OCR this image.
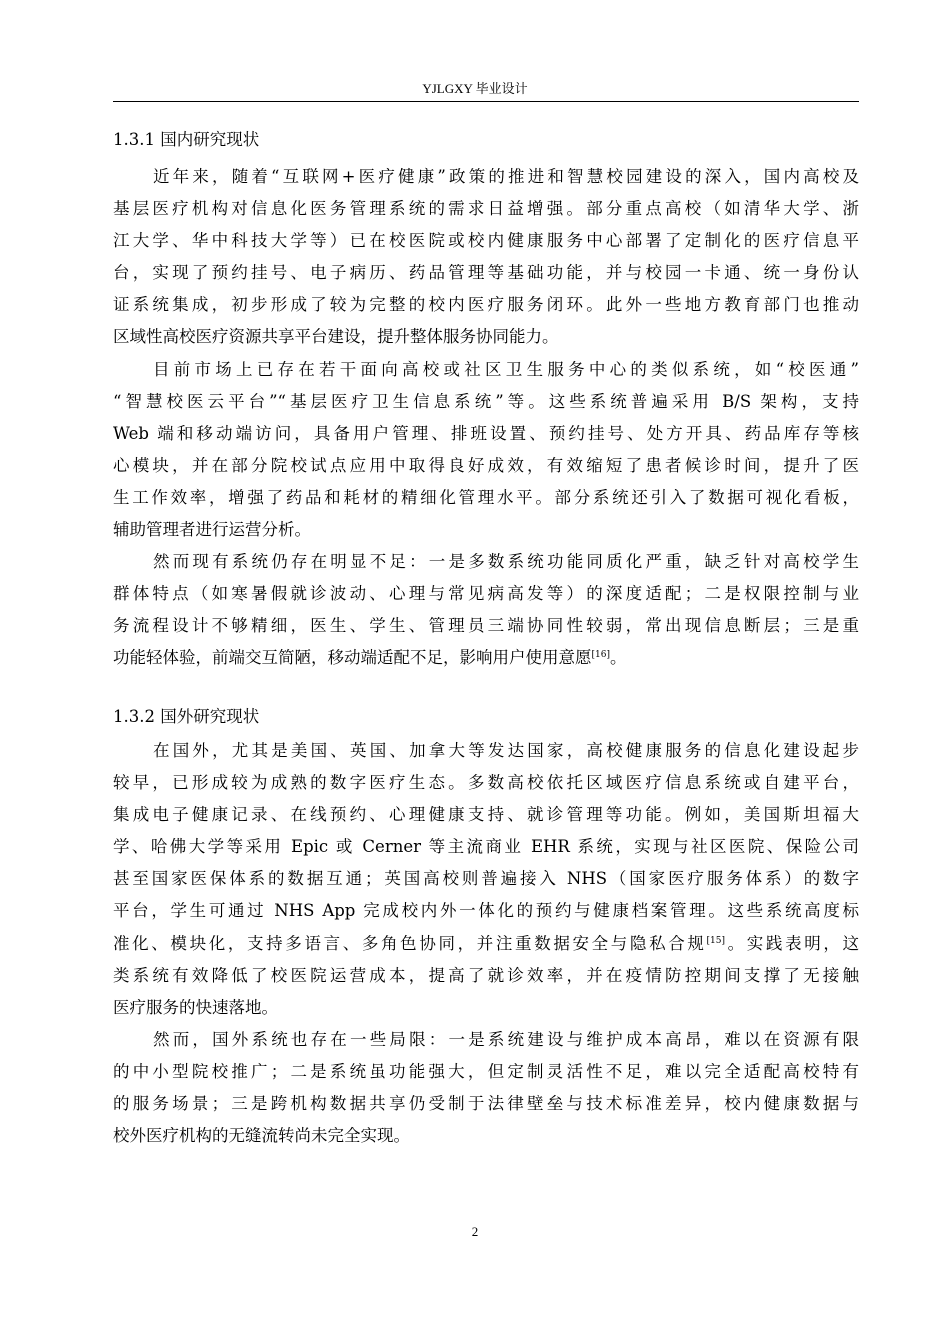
YJLGXY 毕业设计
1.3.1 国内研究现状

近年来，随着“互联网+医疗健康”政策的推进和智慧校园建设的深入，国内高校及
基层医疗机构对信息化医务管理系统的需求日益增强。部分重点高校（如清华大学、浙
江大学、华中科技大学等）已在校医院或校内健康服务中心部署了定制化的医疗信息平
台，实现了预约挂号、电子病历、药品管理等基础功能，并与校园一卡通、统一身份认
证系统集成，初步形成了较为完整的校内医疗服务闭环。此外一些地方教育部门也推动
区域性高校医疗资源共享平台建设，提升整体服务协同能力。

目前市场上已存在若干面向高校或社区卫生服务中心的类似系统，如“校医通”
“智慧校医云平台”“基层医疗卫生信息系统”等。这些系统普遍采用 B/S 架构，支持
Web 端和移动端访问，具备用户管理、排班设置、预约挂号、处方开具、药品库存等核
心模块，并在部分院校试点应用中取得良好成效，有效缩短了患者候诊时间，提升了医
生工作效率，增强了药品和耗材的精细化管理水平。部分系统还引入了数据可视化看板，
辅助管理者进行运营分析。

然而现有系统仍存在明显不足：一是多数系统功能同质化严重，缺乏针对高校学生
群体特点（如寒暑假就诊波动、心理与常见病高发等）的深度适配；二是权限控制与业
务流程设计不够精细，医生、学生、管理员三端协同性较弱，常出现信息断层；三是重
功能轻体验，前端交互简陋，移动端适配不足，影响用户使用意愿[16]。

1.3.2 国外研究现状

在国外，尤其是美国、英国、加拿大等发达国家，高校健康服务的信息化建设起步
较早，已形成较为成熟的数字医疗生态。多数高校依托区域医疗信息系统或自建平台，
集成电子健康记录、在线预约、心理健康支持、就诊管理等功能。例如，美国斯坦福大
学、哈佛大学等采用 Epic 或 Cerner 等主流商业 EHR 系统，实现与社区医院、保险公司
甚至国家医保体系的数据互通；英国高校则普遍接入 NHS（国家医疗服务体系）的数字
平台，学生可通过 NHS App 完成校内外一体化的预约与健康档案管理。这些系统高度标
准化、模块化，支持多语言、多角色协同，并注重数据安全与隐私合规[15]。实践表明，这
类系统有效降低了校医院运营成本，提高了就诊效率，并在疫情防控期间支撑了无接触
医疗服务的快速落地。

然而，国外系统也存在一些局限：一是系统建设与维护成本高昂，难以在资源有限
的中小型院校推广；二是系统虽功能强大，但定制灵活性不足，难以完全适配高校特有
的服务场景；三是跨机构数据共享仍受制于法律壁垒与技术标准差异，校内健康数据与
校外医疗机构的无缝流转尚未完全实现。

2
